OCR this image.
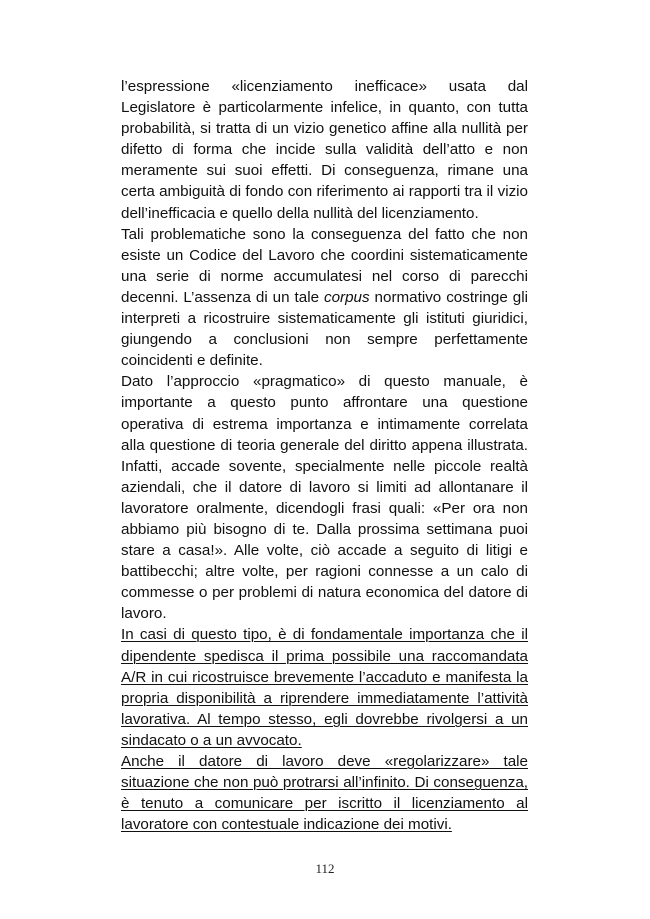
l’espressione «licenziamento inefficace» usata dal Legislatore è particolarmente infelice, in quanto, con tutta probabilità, si tratta di un vizio genetico affine alla nullità per difetto di forma che incide sulla validità dell’atto e non meramente sui suoi effetti. Di conseguenza, rimane una certa ambiguità di fondo con riferimento ai rapporti tra il vizio dell’inefficacia e quello della nullità del licenziamento.

Tali problematiche sono la conseguenza del fatto che non esiste un Codice del Lavoro che coordini sistematicamente una serie di norme accumulatesi nel corso di parecchi decenni. L’assenza di un tale corpus normativo costringe gli interpreti a ricostruire sistematicamente gli istituti giuridici, giungendo a conclusioni non sempre perfettamente coincidenti e definite.

Dato l’approccio «pragmatico» di questo manuale, è importante a questo punto affrontare una questione operativa di estrema importanza e intimamente correlata alla questione di teoria generale del diritto appena illustrata. Infatti, accade sovente, specialmente nelle piccole realtà aziendali, che il datore di lavoro si limiti ad allontanare il lavoratore oralmente, dicendogli frasi quali: «Per ora non abbiamo più bisogno di te. Dalla prossima settimana puoi stare a casa!». Alle volte, ciò accade a seguito di litigi e battibecchi; altre volte, per ragioni connesse a un calo di commesse o per problemi di natura economica del datore di lavoro.

In casi di questo tipo, è di fondamentale importanza che il dipendente spedisca il prima possibile una raccomandata A/R in cui ricostruisce brevemente l’accaduto e manifesta la propria disponibilità a riprendere immediatamente l’attività lavorativa. Al tempo stesso, egli dovrebbe rivolgersi a un sindacato o a un avvocato.

Anche il datore di lavoro deve «regolarizzare» tale situazione che non può protrarsi all’infinito. Di conseguenza, è tenuto a comunicare per iscritto il licenziamento al lavoratore con contestuale indicazione dei motivi.

112
